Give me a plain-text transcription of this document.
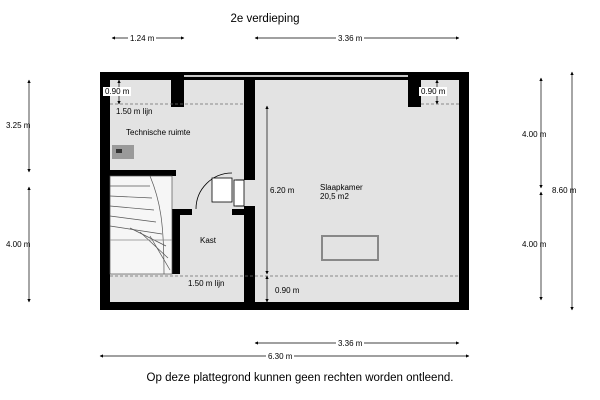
2e verdieping
1.24 m	3.36 m
3.25 m
4.00 m
4.00 m
4.00 m
8.60 m
3.36 m
6.30 m
6.20 m
0.90 m	0.90 m
0.90 m
1.50 m lijn
1.50 m lijn
Technische ruimte
Slaapkamer
20,5 m2
Kast
Op deze plattegrond kunnen geen rechten worden ontleend.
